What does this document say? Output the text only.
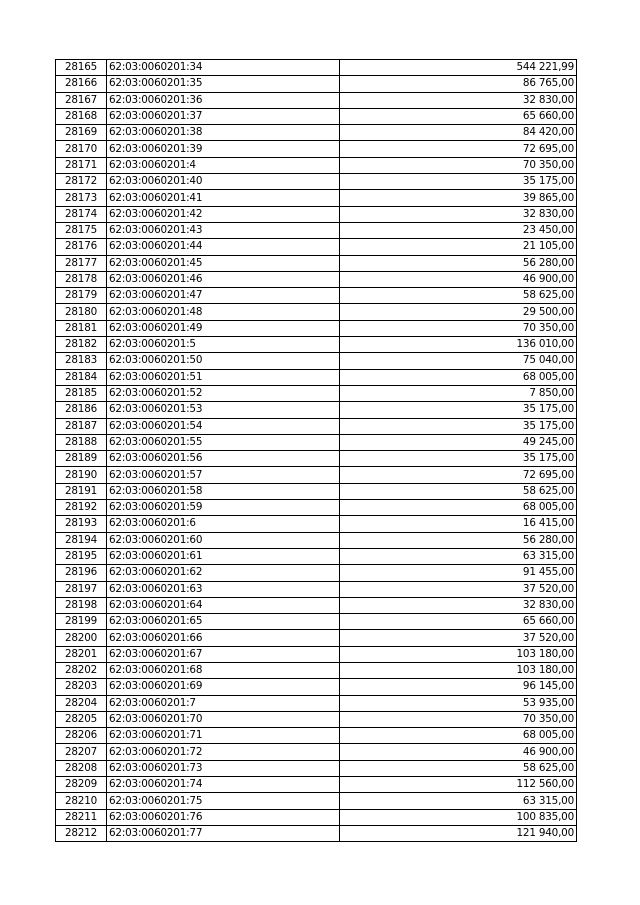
28165	62:03:0060201:34	544 221,99
28166	62:03:0060201:35	86 765,00
28167	62:03:0060201:36	32 830,00
28168	62:03:0060201:37	65 660,00
28169	62:03:0060201:38	84 420,00
28170	62:03:0060201:39	72 695,00
28171	62:03:0060201:4	70 350,00
28172	62:03:0060201:40	35 175,00
28173	62:03:0060201:41	39 865,00
28174	62:03:0060201:42	32 830,00
28175	62:03:0060201:43	23 450,00
28176	62:03:0060201:44	21 105,00
28177	62:03:0060201:45	56 280,00
28178	62:03:0060201:46	46 900,00
28179	62:03:0060201:47	58 625,00
28180	62:03:0060201:48	29 500,00
28181	62:03:0060201:49	70 350,00
28182	62:03:0060201:5	136 010,00
28183	62:03:0060201:50	75 040,00
28184	62:03:0060201:51	68 005,00
28185	62:03:0060201:52	7 850,00
28186	62:03:0060201:53	35 175,00
28187	62:03:0060201:54	35 175,00
28188	62:03:0060201:55	49 245,00
28189	62:03:0060201:56	35 175,00
28190	62:03:0060201:57	72 695,00
28191	62:03:0060201:58	58 625,00
28192	62:03:0060201:59	68 005,00
28193	62:03:0060201:6	16 415,00
28194	62:03:0060201:60	56 280,00
28195	62:03:0060201:61	63 315,00
28196	62:03:0060201:62	91 455,00
28197	62:03:0060201:63	37 520,00
28198	62:03:0060201:64	32 830,00
28199	62:03:0060201:65	65 660,00
28200	62:03:0060201:66	37 520,00
28201	62:03:0060201:67	103 180,00
28202	62:03:0060201:68	103 180,00
28203	62:03:0060201:69	96 145,00
28204	62:03:0060201:7	53 935,00
28205	62:03:0060201:70	70 350,00
28206	62:03:0060201:71	68 005,00
28207	62:03:0060201:72	46 900,00
28208	62:03:0060201:73	58 625,00
28209	62:03:0060201:74	112 560,00
28210	62:03:0060201:75	63 315,00
28211	62:03:0060201:76	100 835,00
28212	62:03:0060201:77	121 940,00
